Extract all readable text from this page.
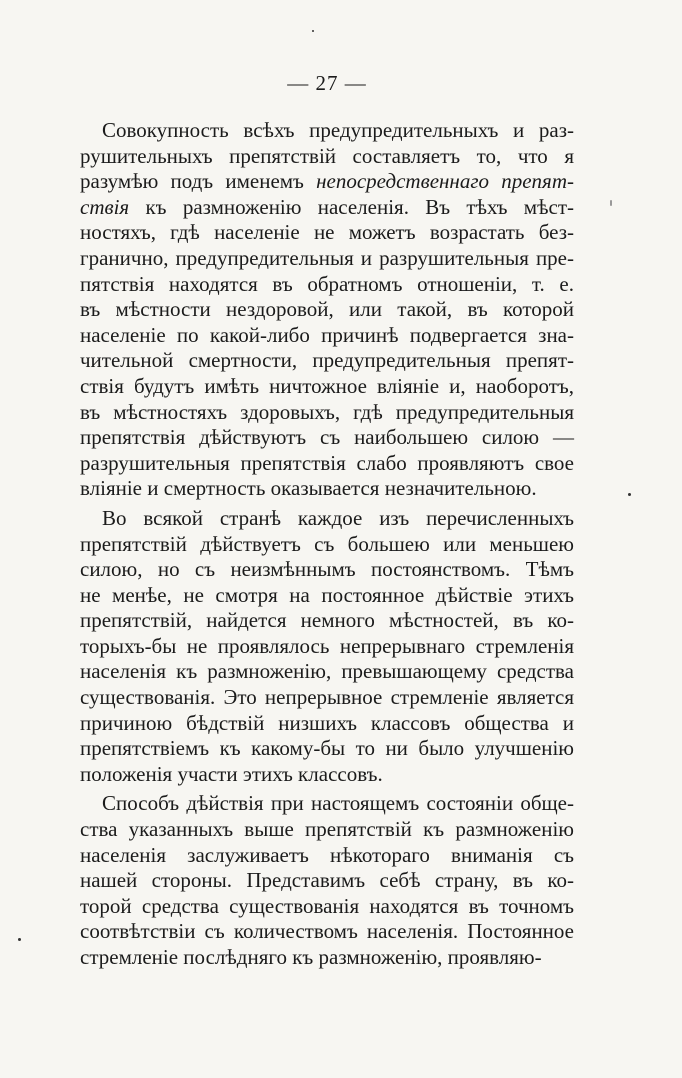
— 27 —

Совокупность всѣхъ предупредительныхъ и раз-
рушительныхъ препятствій составляетъ то, что я
разумѣю подъ именемъ непосредственнаго препят-
ствія къ размноженію населенія. Въ тѣхъ мѣст-
ностяхъ, гдѣ населеніе не можетъ возрастать без-
гранично, предупредительныя и разрушительныя пре-
пятствія находятся въ обратномъ отношеніи, т. е.
въ мѣстности нездоровой, или такой, въ которой
населеніе по какой-либо причинѣ подвергается зна-
чительной смертности, предупредительныя препят-
ствія будутъ имѣть ничтожное вліяніе и, наоборотъ,
въ мѣстностяхъ здоровыхъ, гдѣ предупредительныя
препятствія дѣйствуютъ съ наибольшею силою —
разрушительныя препятствія слабо проявляютъ свое
вліяніе и смертность оказывается незначительною.

Во всякой странѣ каждое изъ перечисленныхъ
препятствій дѣйствуетъ съ большею или меньшею
силою, но съ неизмѣннымъ постоянствомъ. Тѣмъ
не менѣе, не смотря на постоянное дѣйствіе этихъ
препятствій, найдется немного мѣстностей, въ ко-
торыхъ-бы не проявлялось непрерывнаго стремленія
населенія къ размноженію, превышающему средства
существованія. Это непрерывное стремленіе является
причиною бѣдствій низшихъ классовъ общества и
препятствіемъ къ какому-бы то ни было улучшенію
положенія участи этихъ классовъ.

Способъ дѣйствія при настоящемъ состояніи обще-
ства указанныхъ выше препятствій къ размноженію
населенія заслуживаетъ нѣкотораго вниманія съ
нашей стороны. Представимъ себѣ страну, въ ко-
торой средства существованія находятся въ точномъ
соотвѣтствіи съ количествомъ населенія. Постоянное
стремленіе послѣдняго къ размноженію, проявляю-
